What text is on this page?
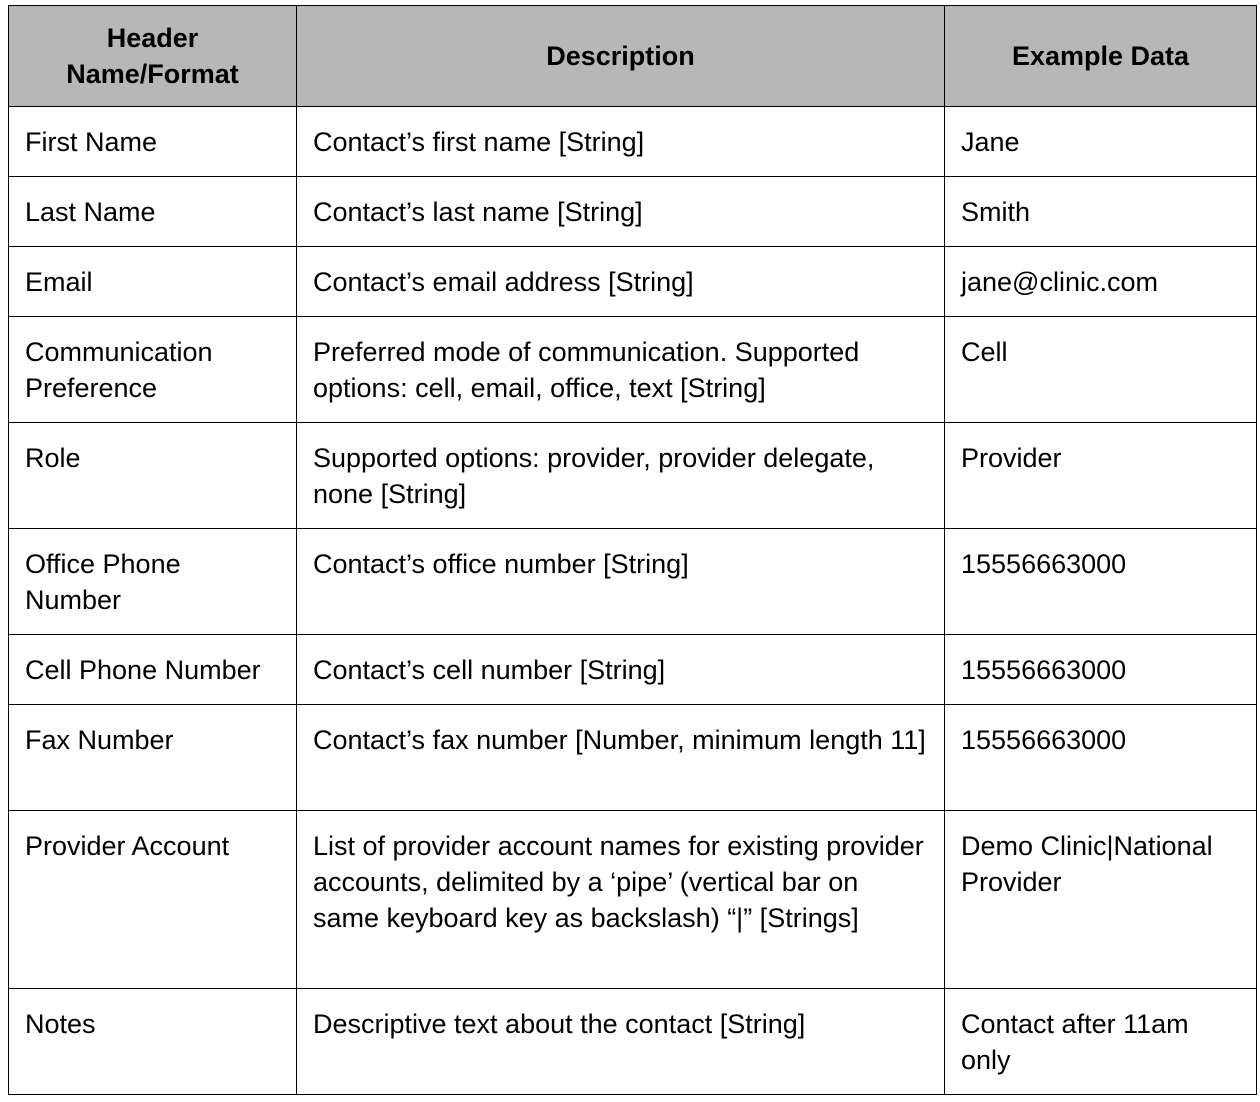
Header Name/Format	Description	Example Data
First Name	Contact’s first name [String]	Jane
Last Name	Contact’s last name [String]	Smith
Email	Contact’s email address [String]	jane@clinic.com
Communication Preference	Preferred mode of communication. Supported options: cell, email, office, text [String]	Cell
Role	Supported options: provider, provider delegate, none [String]	Provider
Office Phone Number	Contact’s office number [String]	15556663000
Cell Phone Number	Contact’s cell number [String]	15556663000
Fax Number	Contact’s fax number [Number, minimum length 11]	15556663000
Provider Account	List of provider account names for existing provider accounts, delimited by a ‘pipe’ (vertical bar on same keyboard key as backslash) “|” [Strings]	Demo Clinic|National Provider
Notes	Descriptive text about the contact [String]	Contact after 11am only
